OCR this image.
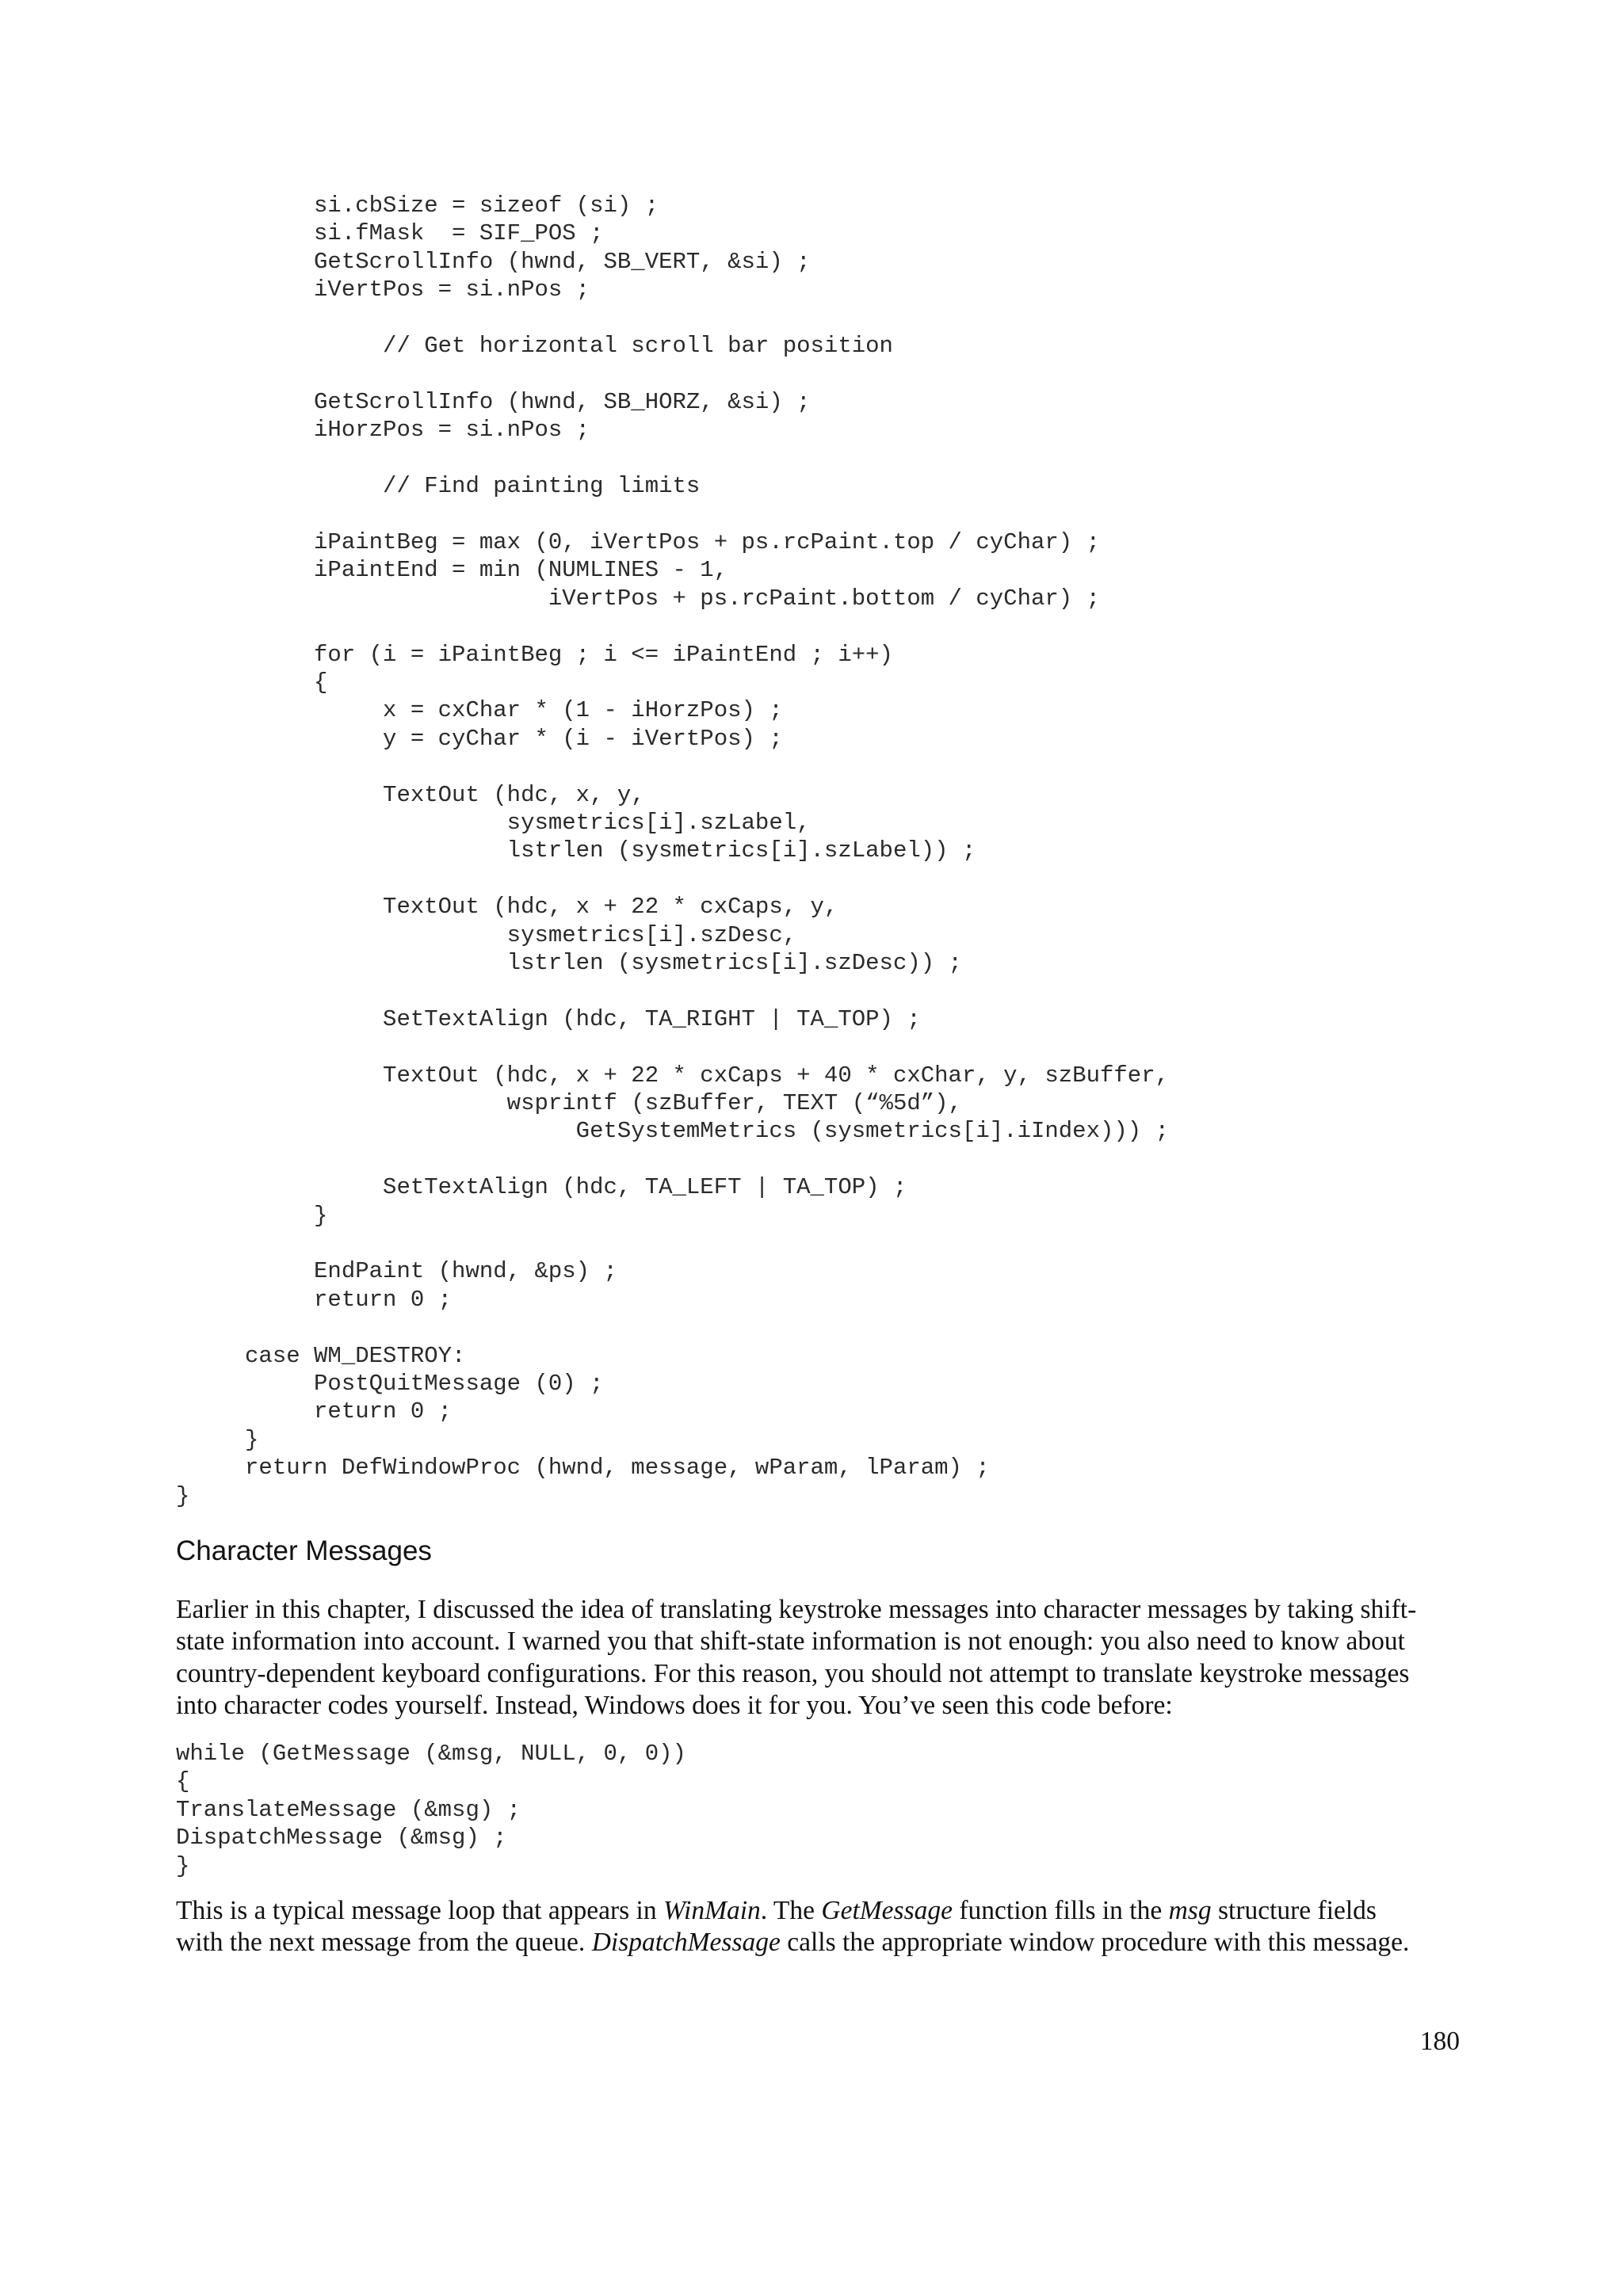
si.cbSize = sizeof (si) ;
si.fMask  = SIF_POS ;
GetScrollInfo (hwnd, SB_VERT, &si) ;
iVertPos = si.nPos ;
// Get horizontal scroll bar position
GetScrollInfo (hwnd, SB_HORZ, &si) ;
iHorzPos = si.nPos ;
// Find painting limits
iPaintBeg = max (0, iVertPos + ps.rcPaint.top / cyChar) ;
iPaintEnd = min (NUMLINES - 1,
iVertPos + ps.rcPaint.bottom / cyChar) ;
for (i = iPaintBeg ; i <= iPaintEnd ; i++)
{
x = cxChar * (1 - iHorzPos) ;
y = cyChar * (i - iVertPos) ;
TextOut (hdc, x, y,
sysmetrics[i].szLabel,
lstrlen (sysmetrics[i].szLabel)) ;
TextOut (hdc, x + 22 * cxCaps, y,
sysmetrics[i].szDesc,
lstrlen (sysmetrics[i].szDesc)) ;
SetTextAlign (hdc, TA_RIGHT | TA_TOP) ;
TextOut (hdc, x + 22 * cxCaps + 40 * cxChar, y, szBuffer,
wsprintf (szBuffer, TEXT (“%5d”),
GetSystemMetrics (sysmetrics[i].iIndex))) ;
SetTextAlign (hdc, TA_LEFT | TA_TOP) ;
}
EndPaint (hwnd, &ps) ;
return 0 ;
case WM_DESTROY:
PostQuitMessage (0) ;
return 0 ;
}
return DefWindowProc (hwnd, message, wParam, lParam) ;
}
Character Messages

Earlier in this chapter, I discussed the idea of translating keystroke messages into character messages by taking shift-
state information into account. I warned you that shift-state information is not enough: you also need to know about
country-dependent keyboard configurations. For this reason, you should not attempt to translate keystroke messages
into character codes yourself. Instead, Windows does it for you. You’ve seen this code before:

while (GetMessage (&msg, NULL, 0, 0))
{
TranslateMessage (&msg) ;
DispatchMessage (&msg) ;
}

This is a typical message loop that appears in WinMain. The GetMessage function fills in the msg structure fields
with the next message from the queue. DispatchMessage calls the appropriate window procedure with this message.

180
